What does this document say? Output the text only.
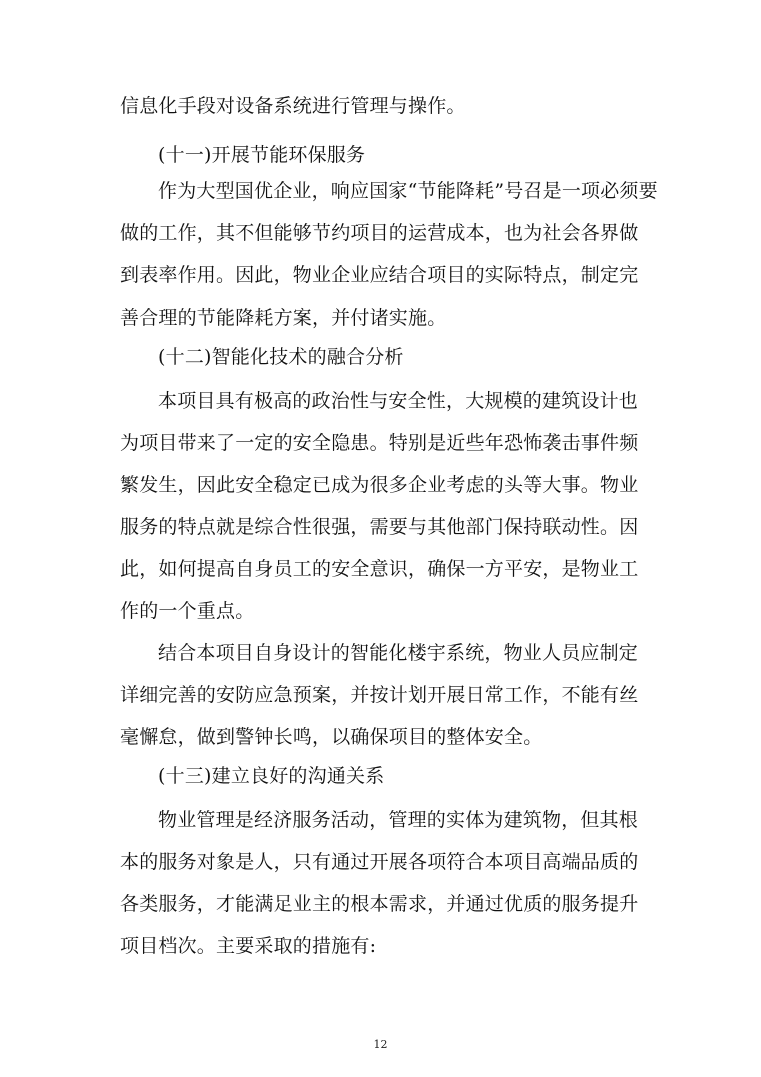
信息化手段对设备系统进行管理与操作。
(十一)开展节能环保服务
作为大型国优企业，响应国家“节能降耗”号召是一项必须要
做的工作，其不但能够节约项目的运营成本，也为社会各界做
到表率作用。因此，物业企业应结合项目的实际特点，制定完
善合理的节能降耗方案，并付诸实施。
(十二)智能化技术的融合分析
本项目具有极高的政治性与安全性，大规模的建筑设计也
为项目带来了一定的安全隐患。特别是近些年恐怖袭击事件频
繁发生，因此安全稳定已成为很多企业考虑的头等大事。物业
服务的特点就是综合性很强，需要与其他部门保持联动性。因
此，如何提高自身员工的安全意识，确保一方平安，是物业工
作的一个重点。
结合本项目自身设计的智能化楼宇系统，物业人员应制定
详细完善的安防应急预案，并按计划开展日常工作，不能有丝
毫懈怠，做到警钟长鸣，以确保项目的整体安全。
(十三)建立良好的沟通关系
物业管理是经济服务活动，管理的实体为建筑物，但其根
本的服务对象是人，只有通过开展各项符合本项目高端品质的
各类服务，才能满足业主的根本需求，并通过优质的服务提升
项目档次。主要采取的措施有:
12
